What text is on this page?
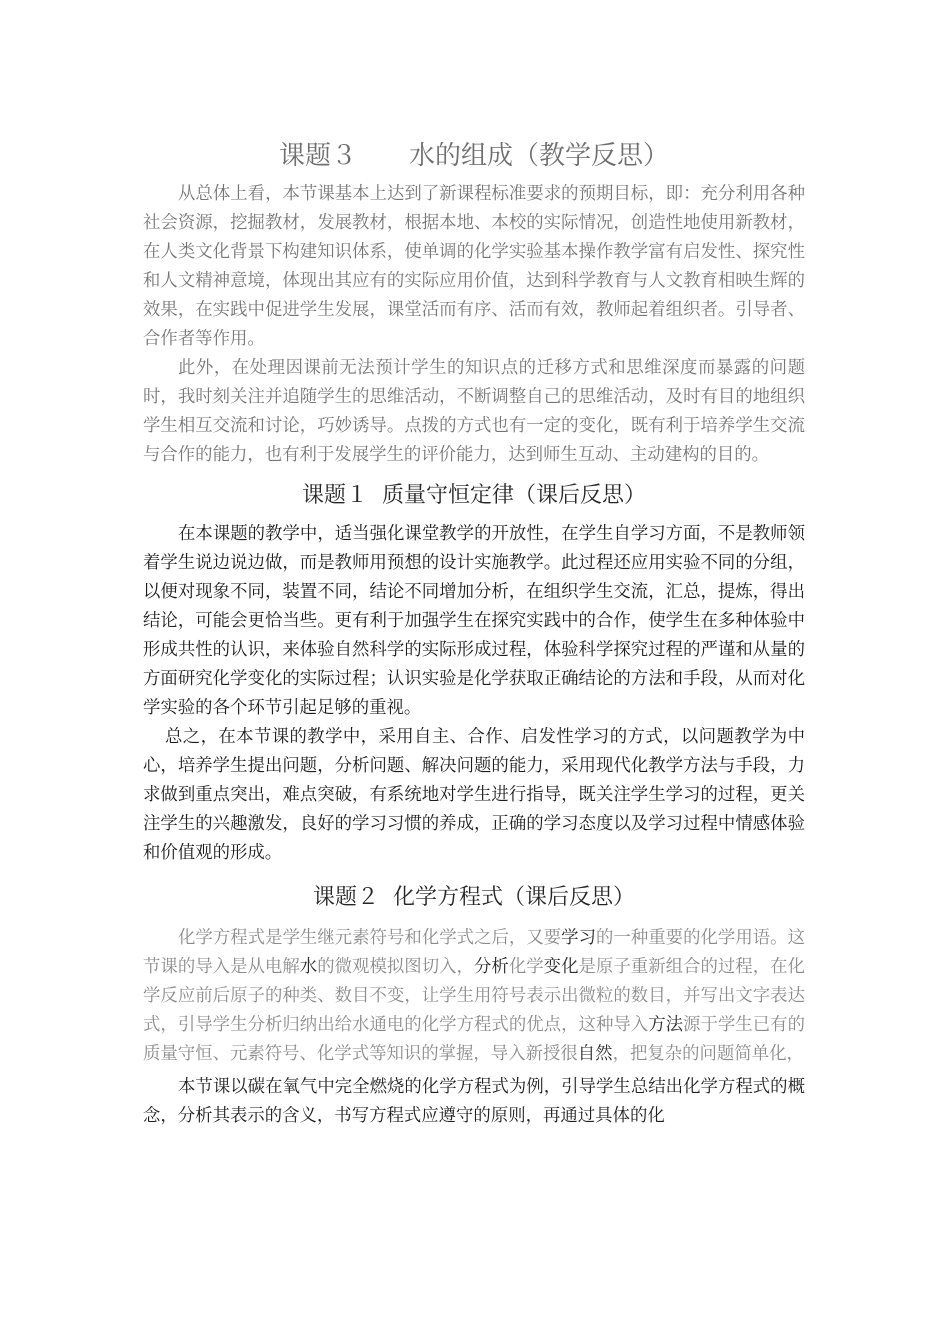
课题３　　水的组成（教学反思）

从总体上看，本节课基本上达到了新课程标准要求的预期目标，即：充分利用各种社会资源，挖掘教材，发展教材，根据本地、本校的实际情况，创造性地使用新教材，在人类文化背景下构建知识体系，使单调的化学实验基本操作教学富有启发性、探究性和人文精神意境，体现出其应有的实际应用价值，达到科学教育与人文教育相映生辉的效果，在实践中促进学生发展，课堂活而有序、活而有效，教师起着组织者。引导者、合作者等作用。

此外，在处理因课前无法预计学生的知识点的迁移方式和思维深度而暴露的问题时，我时刻关注并追随学生的思维活动，不断调整自己的思维活动，及时有目的地组织学生相互交流和讨论，巧妙诱导。点拨的方式也有一定的变化，既有利于培养学生交流与合作的能力，也有利于发展学生的评价能力，达到师生互动、主动建构的目的。

课题１  质量守恒定律（课后反思）

在本课题的教学中，适当强化课堂教学的开放性，在学生自学习方面，不是教师领着学生说边说边做，而是教师用预想的设计实施教学。此过程还应用实验不同的分组，以便对现象不同，装置不同，结论不同增加分析，在组织学生交流，汇总，提炼，得出结论，可能会更恰当些。更有利于加强学生在探究实践中的合作，使学生在多种体验中形成共性的认识，来体验自然科学的实际形成过程，体验科学探究过程的严谨和从量的方面研究化学变化的实际过程；认识实验是化学获取正确结论的方法和手段，从而对化学实验的各个环节引起足够的重视。

总之，在本节课的教学中，采用自主、合作、启发性学习的方式，以问题教学为中心，培养学生提出问题，分析问题、解决问题的能力，采用现代化教学方法与手段，力求做到重点突出，难点突破，有系统地对学生进行指导，既关注学生学习的过程，更关注学生的兴趣激发，良好的学习习惯的养成，正确的学习态度以及学习过程中情感体验和价值观的形成。

课题２  化学方程式（课后反思）

化学方程式是学生继元素符号和化学式之后，又要学习的一种重要的化学用语。这节课的导入是从电解水的微观模拟图切入，分析化学变化是原子重新组合的过程，在化学反应前后原子的种类、数目不变，让学生用符号表示出微粒的数目，并写出文字表达式，引导学生分析归纳出给水通电的化学方程式的优点，这种导入方法源于学生已有的质量守恒、元素符号、化学式等知识的掌握，导入新授很自然，把复杂的问题简单化，

本节课以碳在氧气中完全燃烧的化学方程式为例，引导学生总结出化学方程式的概念，分析其表示的含义，书写方程式应遵守的原则，再通过具体的化
